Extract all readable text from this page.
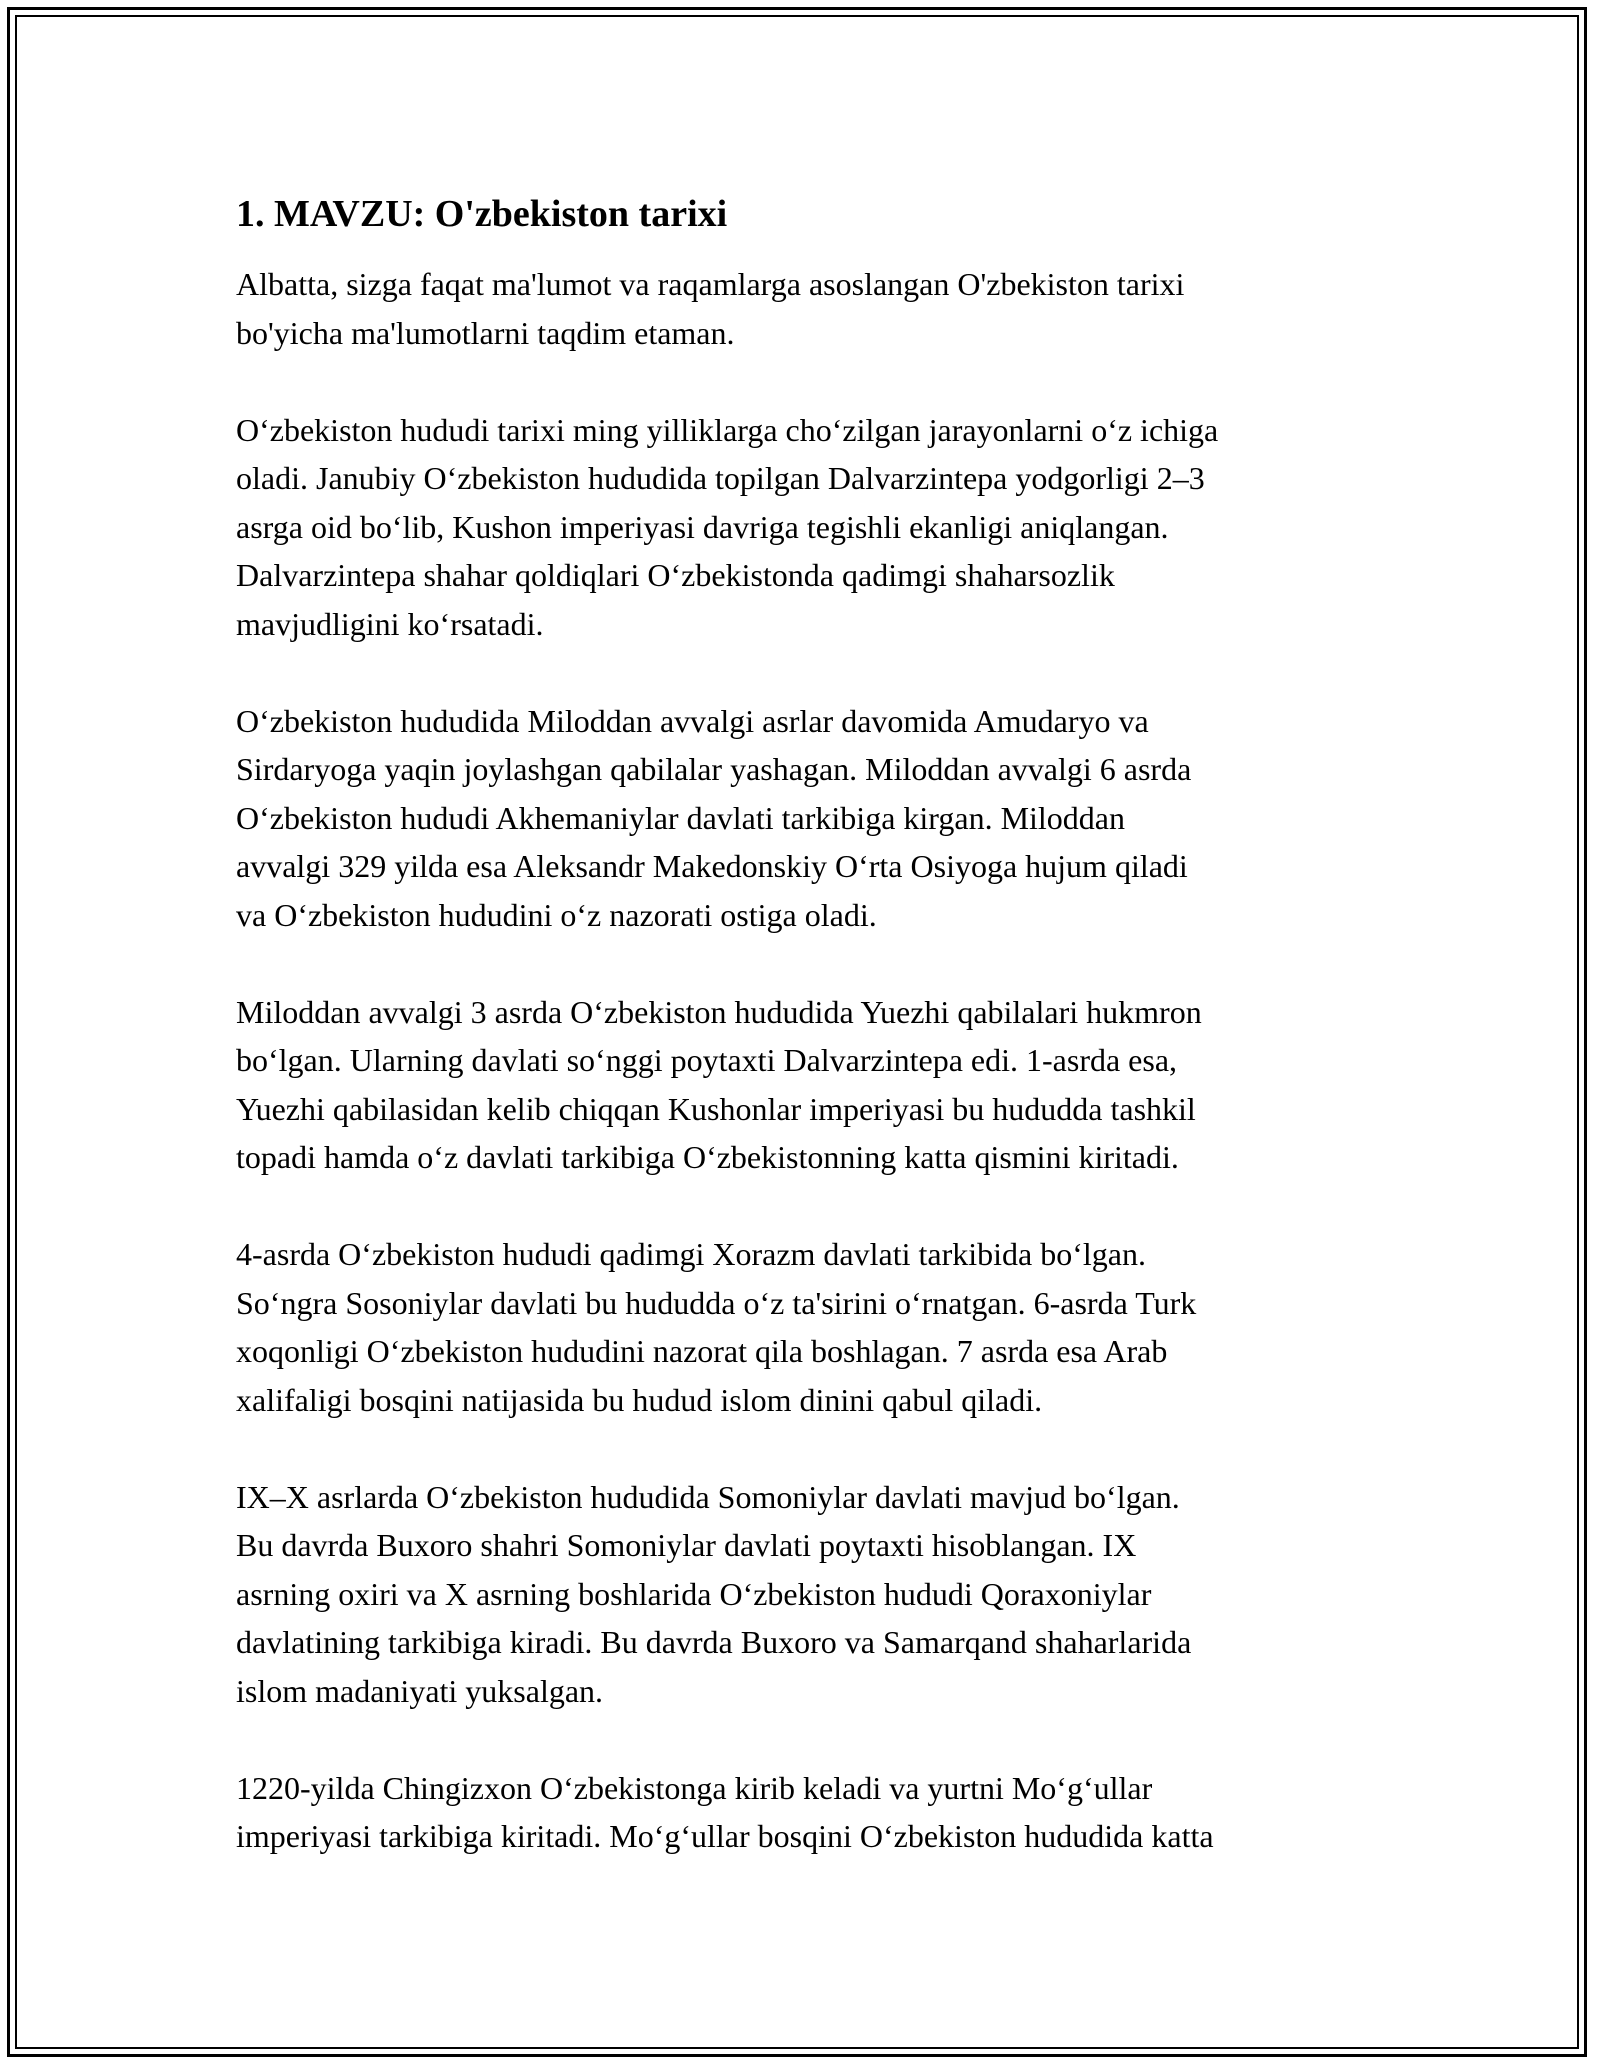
1. MAVZU: O'zbekiston tarixi
Albatta, sizga faqat ma'lumot va raqamlarga asoslangan O'zbekiston tarixi
bo'yicha ma'lumotlarni taqdim etaman.
O‘zbekiston hududi tarixi ming yilliklarga cho‘zilgan jarayonlarni o‘z ichiga
oladi. Janubiy O‘zbekiston hududida topilgan Dalvarzintepa yodgorligi 2–3
asrga oid bo‘lib, Kushon imperiyasi davriga tegishli ekanligi aniqlangan.
Dalvarzintepa shahar qoldiqlari O‘zbekistonda qadimgi shaharsozlik
mavjudligini ko‘rsatadi.
O‘zbekiston hududida Miloddan avvalgi asrlar davomida Amudaryo va
Sirdaryoga yaqin joylashgan qabilalar yashagan. Miloddan avvalgi 6 asrda
O‘zbekiston hududi Akhemaniylar davlati tarkibiga kirgan. Miloddan
avvalgi 329 yilda esa Aleksandr Makedonskiy O‘rta Osiyoga hujum qiladi
va O‘zbekiston hududini o‘z nazorati ostiga oladi.
Miloddan avvalgi 3 asrda O‘zbekiston hududida Yuezhi qabilalari hukmron
bo‘lgan. Ularning davlati so‘nggi poytaxti Dalvarzintepa edi. 1-asrda esa,
Yuezhi qabilasidan kelib chiqqan Kushonlar imperiyasi bu hududda tashkil
topadi hamda o‘z davlati tarkibiga O‘zbekistonning katta qismini kiritadi.
4-asrda O‘zbekiston hududi qadimgi Xorazm davlati tarkibida bo‘lgan.
So‘ngra Sosoniylar davlati bu hududda o‘z ta'sirini o‘rnatgan. 6-asrda Turk
xoqonligi O‘zbekiston hududini nazorat qila boshlagan. 7 asrda esa Arab
xalifaligi bosqini natijasida bu hudud islom dinini qabul qiladi.
IX–X asrlarda O‘zbekiston hududida Somoniylar davlati mavjud bo‘lgan.
Bu davrda Buxoro shahri Somoniylar davlati poytaxti hisoblangan. IX
asrning oxiri va X asrning boshlarida O‘zbekiston hududi Qoraxoniylar
davlatining tarkibiga kiradi. Bu davrda Buxoro va Samarqand shaharlarida
islom madaniyati yuksalgan.
1220-yilda Chingizxon O‘zbekistonga kirib keladi va yurtni Mo‘g‘ullar
imperiyasi tarkibiga kiritadi. Mo‘g‘ullar bosqini O‘zbekiston hududida katta
